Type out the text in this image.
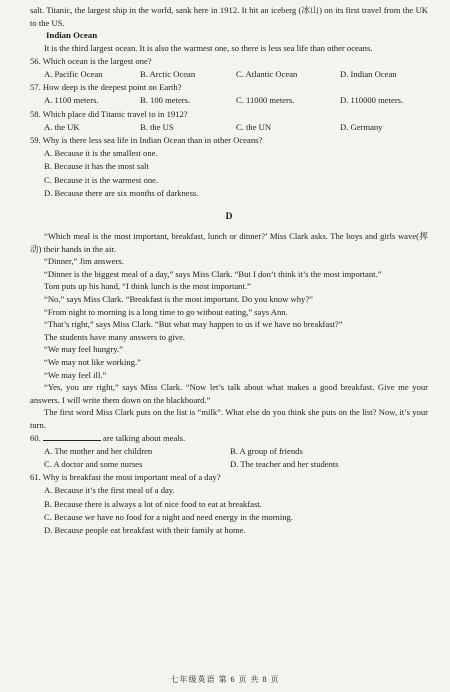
salt. Titanic, the largest ship in the world, sank here in 1912. It hit an iceberg (冰山) on its first travel from the UK to the US.

Indian Ocean

It is the third largest ocean. It is also the warmest one, so there is less sea life than other oceans.

56. Which ocean is the largest one?

A. Pacific Ocean	B. Arctic Ocean	C. Atlantic Ocean	D. Indian Ocean

57. How deep is the deepest point on Earth?

A. 1100 meters.	B. 100 meters.	C. 11000 meters.	D. 110000 meters.

58. Which place did Titanic travel to in 1912?

A. the UK	B. the US	C. the UN	D. Germany

59. Why is there less sea life in Indian Ocean than in other Oceans?

A. Because it is the smallest one.
B. Because it has the most salt
C. Because it is the warmest one.
D. Because there are six months of darkness.
D

“Which meal is the most important, breakfast, lunch or dinner?’ Miss Clark asks. The boys and girls wave(挥动) their hands in the air.

“Dinner,” Jim answers.

“Dinner is the biggest meal of a day,” says Miss Clark. “But I don’t think it’s the most important.”

Tom puts up his hand, “I think lunch is the most important.”

“No,” says Miss Clark. “Breakfast is the most important. Do you know why?”

“From night to morning is a long time to go without eating,” says Ann.

“That’s right,” says Miss Clark. “But what may happen to us if we have no breakfast?”

The students have many answers to give.

“We may feel hungry.”

“We may not like working.”

“We may feel ill.”

“Yes, you are right,” says Miss Clark. “Now let’s talk about what makes a good breakfast. Give me your answers. I will write them down on the blackboard.”

The first word Miss Clark puts on the list is “milk”. What else do you think she puts on the list? Now, it’s your turn.

60.	are talking about meals.

A. The mother and her children	B. A group of friends
C. A doctor and some nurses	D. The teacher and her students

61. Why is breakfast the most important meal of a day?

A. Because it’s the first meal of a day.
B. Because there is always a lot of nice food to eat at breakfast.
C. Because we have no food for a night and need energy in the morning.
D. Because people eat breakfast with their family at home.
七年级英语 第 6 页 共 8 页
